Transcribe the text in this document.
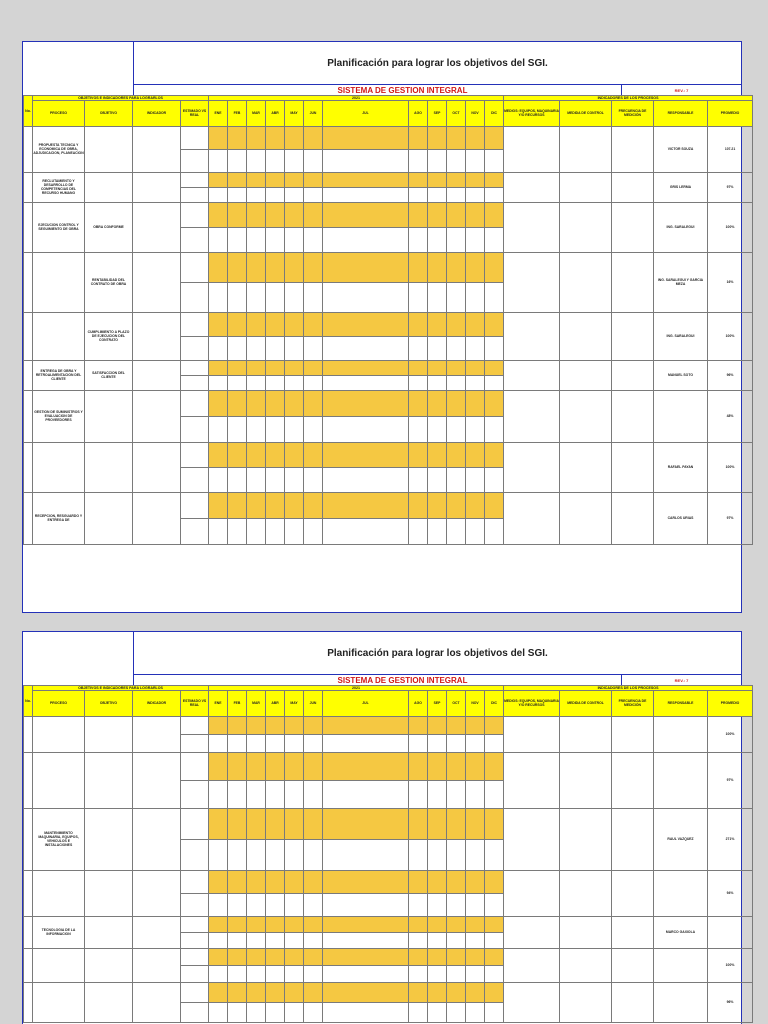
Planificación para lograr los objetivos del SGI.
SISTEMA DE GESTION INTEGRAL	REV.: 7
No.	OBJETIVOS E INDICADORES PARA LOGRARLOS				2021												INDICADORES DE LOS PROCESOS				
	PROCESO	OBJETIVO	INDICADOR	ESTIMADO VS REAL	ENE	FEB	MAR	ABR	MAY	JUN	JUL	AGO	SEP	OCT	NOV	DIC	MEDIOS: EQUIPOS, MAQUINARIA Y/O RECURSOS	MEDIDA DE CONTROL	FRECUENCIA DE MEDICIÓN	RESPONSABLE	PROMEDIO
	PROPUESTA TECNICA Y ECONOMICA DE OBRA, ADJUDICACION, PLANEACION																			VICTOR SOUZA	107.21

	RECLUTAMIENTO Y DESARROLLO DE COMPETENCIAS DEL RECURSO HUMANO																			GRIS LERMA	97%

	EJECUCION CONTROL Y SEGUIMIENTO DE OBRA	OBRA CONFORME																		ING. SARALEGUI	100%

		RENTABILIDAD DEL CONTRATO DE OBRA																		ING. SARALEGUI Y GARCIA MEZA	16%

		CUMPLIMIENTO A PLAZO DE EJECUCION DEL CONTRATO																		ING. SARALEGUI	100%

	ENTREGA DE OBRA Y RETROALIMENTACION DEL CLIENTE	SATISFACCION DEL CLIENTE																		MANUEL SOTO	96%

	GESTION DE SUMINISTROS Y EVALUACION DE PROVEEDORES																				48%

																				RAFAEL PAYAN	100%

	RECEPCION, RESGUARDO Y ENTREGA DE																			CARLOS URIAS	97%

Planificación para lograr los objetivos del SGI.
SISTEMA DE GESTION INTEGRAL	REV.: 7
No.	OBJETIVOS E INDICADORES PARA LOGRARLOS				2021												INDICADORES DE LOS PROCESOS				
	PROCESO	OBJETIVO	INDICADOR	ESTIMADO VS REAL	ENE	FEB	MAR	ABR	MAY	JUN	JUL	AGO	SEP	OCT	NOV	DIC	MEDIOS: EQUIPOS, MAQUINARIA Y/O RECURSOS	MEDIDA DE CONTROL	FRECUENCIA DE MEDICIÓN	RESPONSABLE	PROMEDIO
																					100%

																					97%

	MANTENIMIENTO MAQUINARIA, EQUIPOS, VEHICULOS E INSTALACIONES																			RAUL VAZQUEZ	271%

																					94%

	TECNOLOGIA DE LA INFORMACION																			MARCO GAXIOLA	

																					100%

																					96%
